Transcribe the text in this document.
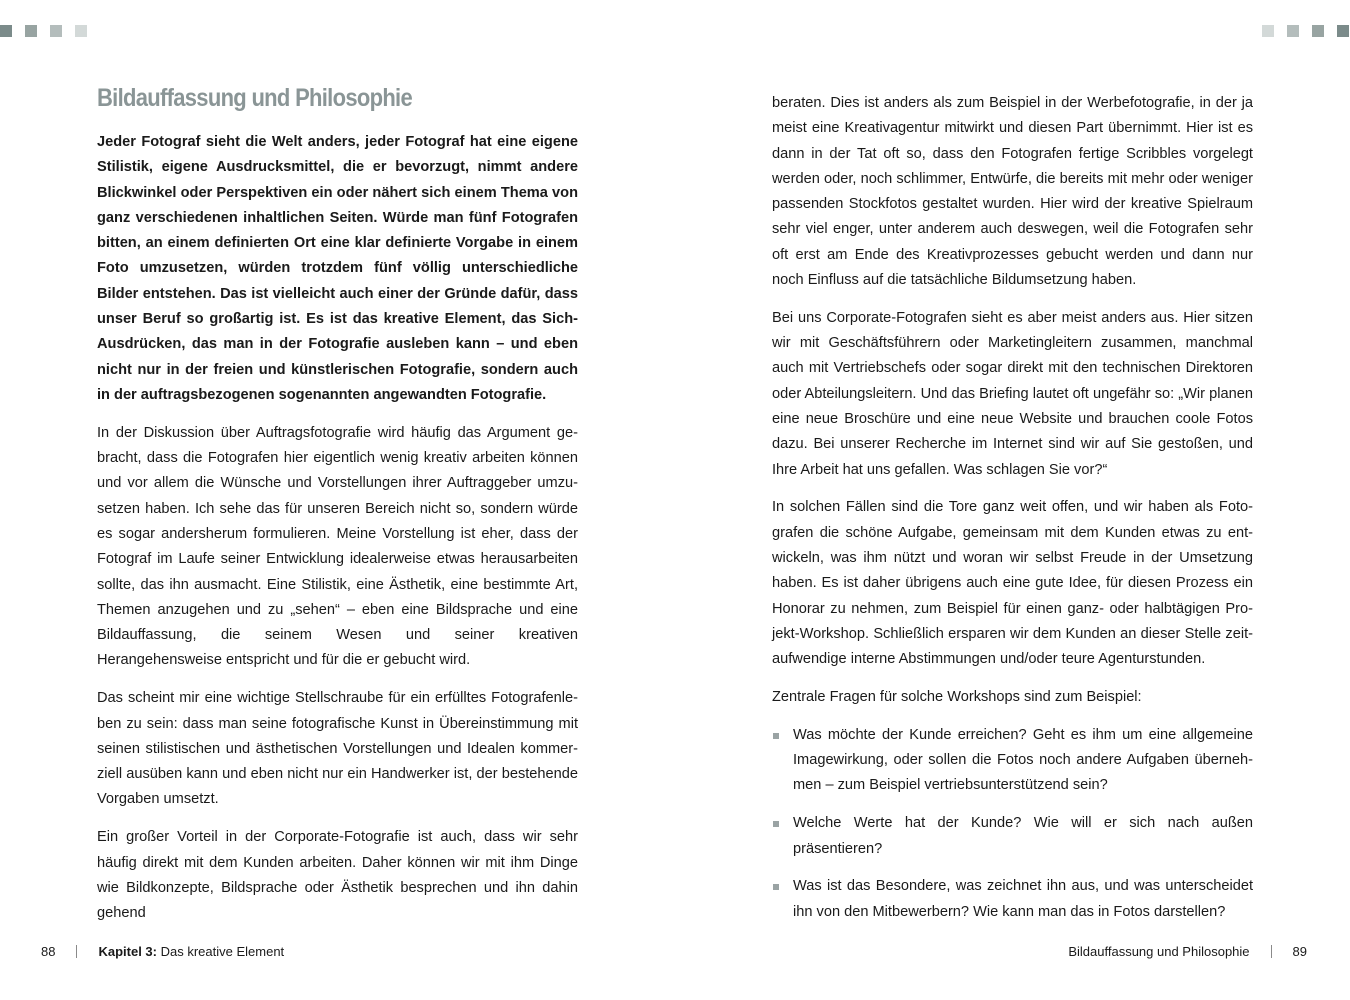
Bildauffassung und Philosophie

Jeder Fotograf sieht die Welt anders, jeder Fotograf hat eine eigene Stilistik, eigene Ausdrucksmittel, die er bevorzugt, nimmt andere Blickwinkel oder Perspektiven ein oder nähert sich einem Thema von ganz verschiedenen inhaltlichen Seiten. Würde man fünf Fotografen bitten, an einem definierten Ort eine klar definierte Vorgabe in einem Foto umzusetzen, würden trotzdem fünf völlig unterschiedliche Bilder entstehen. Das ist vielleicht auch einer der Gründe dafür, dass unser Beruf so großartig ist. Es ist das kreative Element, das Sich-Ausdrücken, das man in der Fotografie ausleben kann – und eben nicht nur in der freien und künstlerischen Fotografie, sondern auch in der auftragsbezogenen sogenannten angewandten Fotografie.

In der Diskussion über Auftragsfotografie wird häufig das Argument gebracht, dass die Fotografen hier eigentlich wenig kreativ arbeiten können und vor allem die Wünsche und Vorstellungen ihrer Auftraggeber umzusetzen haben. Ich sehe das für unseren Bereich nicht so, sondern würde es sogar andersherum formulieren. Meine Vorstellung ist eher, dass der Fotograf im Laufe seiner Entwicklung idealerweise etwas herausarbeiten sollte, das ihn ausmacht. Eine Stilistik, eine Ästhetik, eine bestimmte Art, Themen anzugehen und zu „sehen“ – eben eine Bildsprache und eine Bildauffassung, die seinem Wesen und seiner kreativen Herangehensweise entspricht und für die er gebucht wird.

Das scheint mir eine wichtige Stellschraube für ein erfülltes Fotografenleben zu sein: dass man seine fotografische Kunst in Übereinstimmung mit seinen stilistischen und ästhetischen Vorstellungen und Idealen kommerziell ausüben kann und eben nicht nur ein Handwerker ist, der bestehende Vorgaben umsetzt.

Ein großer Vorteil in der Corporate-Fotografie ist auch, dass wir sehr häufig direkt mit dem Kunden arbeiten. Daher können wir mit ihm Dinge wie Bildkonzepte, Bildsprache oder Ästhetik besprechen und ihn dahin gehend

beraten. Dies ist anders als zum Beispiel in der Werbefotografie, in der ja meist eine Kreativagentur mitwirkt und diesen Part übernimmt. Hier ist es dann in der Tat oft so, dass den Fotografen fertige Scribbles vorgelegt werden oder, noch schlimmer, Entwürfe, die bereits mit mehr oder weniger passenden Stockfotos gestaltet wurden. Hier wird der kreative Spielraum sehr viel enger, unter anderem auch deswegen, weil die Fotografen sehr oft erst am Ende des Kreativprozesses gebucht werden und dann nur noch Einfluss auf die tatsächliche Bildumsetzung haben.

Bei uns Corporate-Fotografen sieht es aber meist anders aus. Hier sitzen wir mit Geschäftsführern oder Marketingleitern zusammen, manchmal auch mit Vertriebschefs oder sogar direkt mit den technischen Direktoren oder Abteilungsleitern. Und das Briefing lautet oft ungefähr so: „Wir planen eine neue Broschüre und eine neue Website und brauchen coole Fotos dazu. Bei unserer Recherche im Internet sind wir auf Sie gestoßen, und Ihre Arbeit hat uns gefallen. Was schlagen Sie vor?“

In solchen Fällen sind die Tore ganz weit offen, und wir haben als Fotografen die schöne Aufgabe, gemeinsam mit dem Kunden etwas zu entwickeln, was ihm nützt und woran wir selbst Freude in der Umsetzung haben. Es ist daher übrigens auch eine gute Idee, für diesen Prozess ein Honorar zu nehmen, zum Beispiel für einen ganz- oder halbtägigen Projekt-Workshop. Schließlich ersparen wir dem Kunden an dieser Stelle zeitaufwendige interne Abstimmungen und/oder teure Agenturstunden.

Zentrale Fragen für solche Workshops sind zum Beispiel:

Was möchte der Kunde erreichen? Geht es ihm um eine allgemeine Imagewirkung, oder sollen die Fotos noch andere Aufgaben übernehmen – zum Beispiel vertriebsunterstützend sein?
Welche Werte hat der Kunde? Wie will er sich nach außen präsentieren?
Was ist das Besondere, was zeichnet ihn aus, und was unterscheidet ihn von den Mitbewerbern? Wie kann man das in Fotos darstellen?
88	Kapitel 3:
Das kreative Element	Bildauffassung und Philosophie	89
